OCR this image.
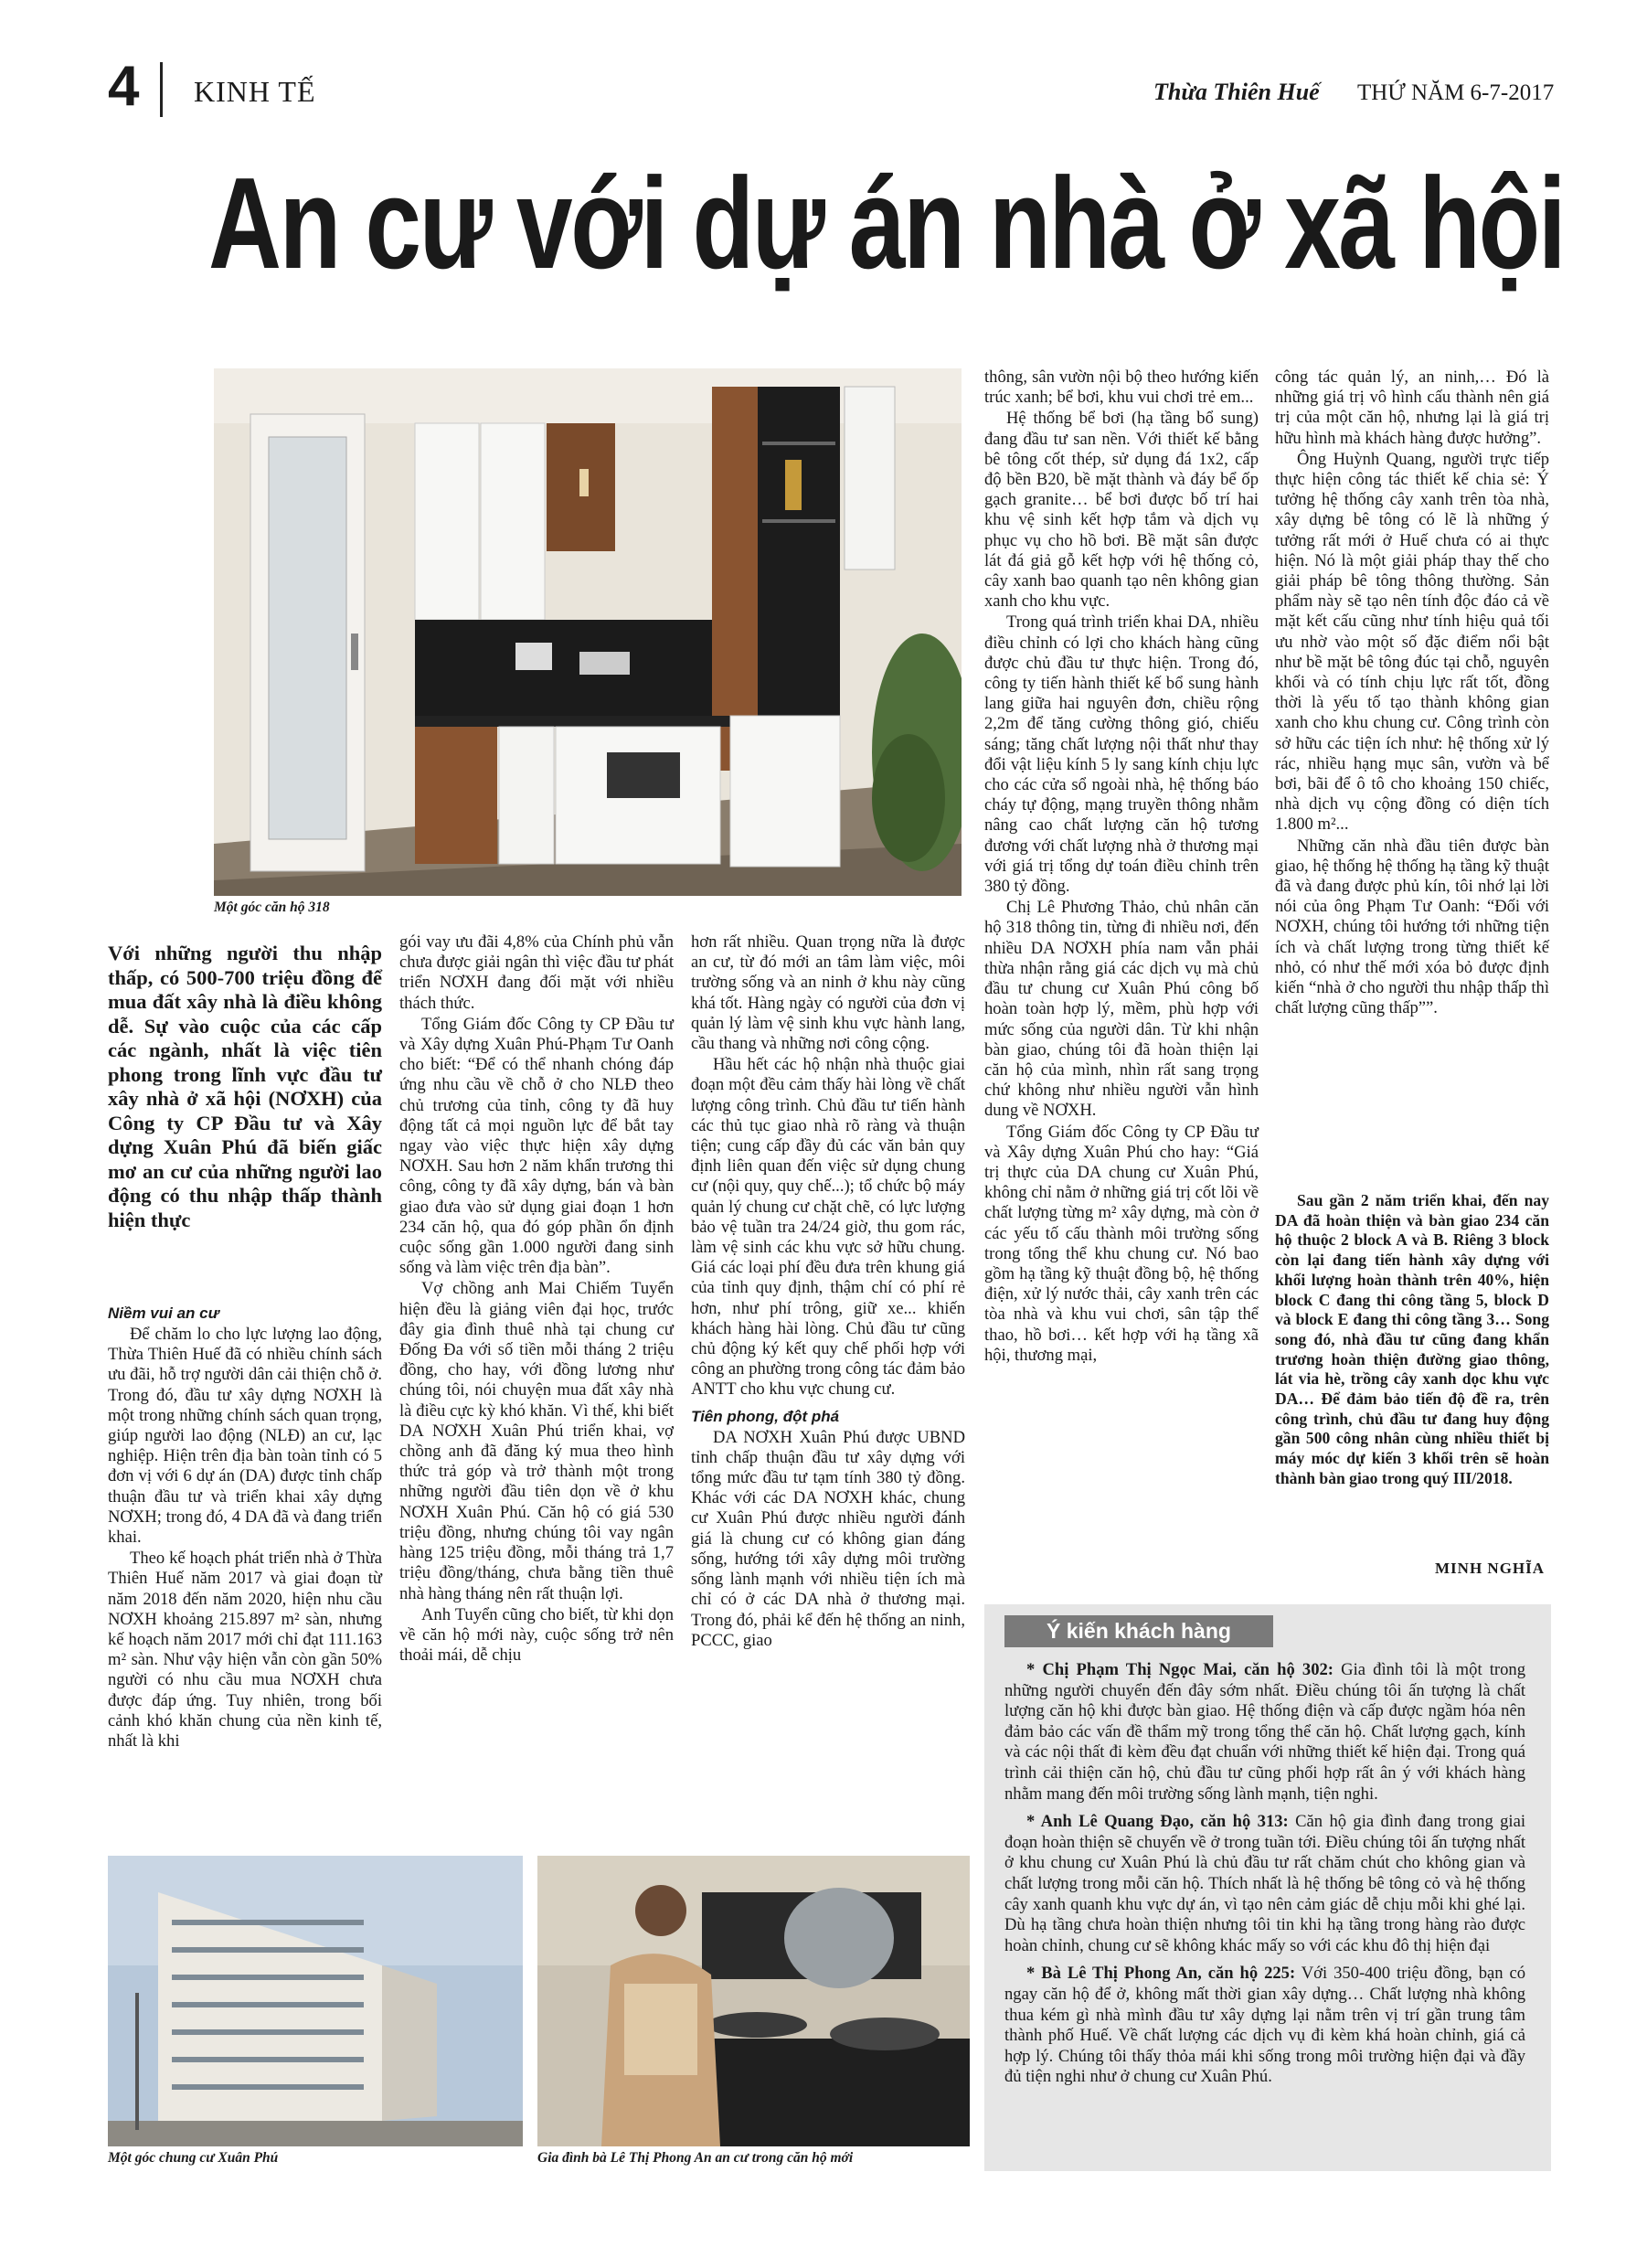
4 KINH TẾ	Thừa Thiên Huế THỨ NĂM 6-7-2017
An cư với dự án nhà ở xã hội
Một góc căn hộ 318
Với những người thu nhập thấp, có 500-700 triệu đồng để mua đất xây nhà là điều không dễ. Sự vào cuộc của các cấp các ngành, nhất là việc tiên phong trong lĩnh vực đầu tư xây nhà ở xã hội (NƠXH) của Công ty CP Đầu tư và Xây dựng Xuân Phú đã biến giấc mơ an cư của những người lao động có thu nhập thấp thành hiện thực
Niềm vui an cư

Để chăm lo cho lực lượng lao động, Thừa Thiên Huế đã có nhiều chính sách ưu đãi, hỗ trợ người dân cải thiện chỗ ở. Trong đó, đầu tư xây dựng NƠXH là một trong những chính sách quan trọng, giúp người lao động (NLĐ) an cư, lạc nghiệp. Hiện trên địa bàn toàn tỉnh có 5 đơn vị với 6 dự án (DA) được tỉnh chấp thuận đầu tư và triển khai xây dựng NƠXH; trong đó, 4 DA đã và đang triển khai.

Theo kế hoạch phát triển nhà ở Thừa Thiên Huế năm 2017 và giai đoạn từ năm 2018 đến năm 2020, hiện nhu cầu NƠXH khoảng 215.897 m² sàn, nhưng kế hoạch năm 2017 mới chỉ đạt 111.163 m² sàn. Như vậy hiện vẫn còn gần 50% người có nhu cầu mua NƠXH chưa được đáp ứng. Tuy nhiên, trong bối cảnh khó khăn chung của nền kinh tế, nhất là khi

gói vay ưu đãi 4,8% của Chính phủ vẫn chưa được giải ngân thì việc đầu tư phát triển NƠXH đang đối mặt với nhiều thách thức.

Tổng Giám đốc Công ty CP Đầu tư và Xây dựng Xuân Phú-Phạm Tư Oanh cho biết: “Để có thể nhanh chóng đáp ứng nhu cầu về chỗ ở cho NLĐ theo chủ trương của tỉnh, công ty đã huy động tất cả mọi nguồn lực để bắt tay ngay vào việc thực hiện xây dựng NƠXH. Sau hơn 2 năm khẩn trương thi công, công ty đã xây dựng, bán và bàn giao đưa vào sử dụng giai đoạn 1 hơn 234 căn hộ, qua đó góp phần ổn định cuộc sống gần 1.000 người đang sinh sống và làm việc trên địa bàn”.

Vợ chồng anh Mai Chiếm Tuyển hiện đều là giảng viên đại học, trước đây gia đình thuê nhà tại chung cư Đống Đa với số tiền mỗi tháng 2 triệu đồng, cho hay, với đồng lương như chúng tôi, nói chuyện mua đất xây nhà là điều cực kỳ khó khăn. Vì thế, khi biết DA NƠXH Xuân Phú triển khai, vợ chồng anh đã đăng ký mua theo hình thức trả góp và trở thành một trong những người đầu tiên dọn về ở khu NƠXH Xuân Phú. Căn hộ có giá 530 triệu đồng, nhưng chúng tôi vay ngân hàng 125 triệu đồng, mỗi tháng trả 1,7 triệu đồng/tháng, chưa bằng tiền thuê nhà hàng tháng nên rất thuận lợi.

Anh Tuyển cũng cho biết, từ khi dọn về căn hộ mới này, cuộc sống trở nên thoải mái, dễ chịu

hơn rất nhiều. Quan trọng nữa là được an cư, từ đó mới an tâm làm việc, môi trường sống và an ninh ở khu này cũng khá tốt. Hàng ngày có người của đơn vị quản lý làm vệ sinh khu vực hành lang, cầu thang và những nơi công cộng.

Hầu hết các hộ nhận nhà thuộc giai đoạn một đều cảm thấy hài lòng về chất lượng công trình. Chủ đầu tư tiến hành các thủ tục giao nhà rõ ràng và thuận tiện; cung cấp đầy đủ các văn bản quy định liên quan đến việc sử dụng chung cư (nội quy, quy chế...); tổ chức bộ máy quản lý chung cư chặt chẽ, có lực lượng bảo vệ tuần tra 24/24 giờ, thu gom rác, làm vệ sinh các khu vực sở hữu chung. Giá các loại phí đều đưa trên khung giá của tỉnh quy định, thậm chí có phí rẻ hơn, như phí trông, giữ xe... khiến khách hàng hài lòng. Chủ đầu tư cũng chủ động ký kết quy chế phối hợp với công an phường trong công tác đảm bảo ANTT cho khu vực chung cư.

Tiên phong, đột phá

DA NƠXH Xuân Phú được UBND tỉnh chấp thuận đầu tư xây dựng với tổng mức đầu tư tạm tính 380 tỷ đồng. Khác với các DA NƠXH khác, chung cư Xuân Phú được nhiều người đánh giá là chung cư có không gian đáng sống, hướng tới xây dựng môi trường sống lành mạnh với nhiều tiện ích mà chỉ có ở các DA nhà ở thương mại. Trong đó, phải kể đến hệ thống an ninh, PCCC, giao

thông, sân vườn nội bộ theo hướng kiến trúc xanh; bể bơi, khu vui chơi trẻ em...

Hệ thống bể bơi (hạ tầng bổ sung) đang đầu tư san nền. Với thiết kế bằng bê tông cốt thép, sử dụng đá 1x2, cấp độ bền B20, bề mặt thành và đáy bể ốp gạch granite… bể bơi được bố trí hai khu vệ sinh kết hợp tắm và dịch vụ phục vụ cho hồ bơi. Bề mặt sân được lát đá giả gỗ kết hợp với hệ thống cỏ, cây xanh bao quanh tạo nên không gian xanh cho khu vực.

Trong quá trình triển khai DA, nhiều điều chỉnh có lợi cho khách hàng cũng được chủ đầu tư thực hiện. Trong đó, công ty tiến hành thiết kế bổ sung hành lang giữa hai nguyên đơn, chiều rộng 2,2m để tăng cường thông gió, chiếu sáng; tăng chất lượng nội thất như thay đổi vật liệu kính 5 ly sang kính chịu lực cho các cửa sổ ngoài nhà, hệ thống báo cháy tự động, mạng truyền thông nhằm nâng cao chất lượng căn hộ tương đương với chất lượng nhà ở thương mại với giá trị tổng dự toán điều chỉnh trên 380 tỷ đồng.

Chị Lê Phương Thảo, chủ nhân căn hộ 318 thông tin, từng đi nhiều nơi, đến nhiều DA NƠXH phía nam vẫn phải thừa nhận rằng giá các dịch vụ mà chủ đầu tư chung cư Xuân Phú công bố hoàn toàn hợp lý, mềm, phù hợp với mức sống của người dân. Từ khi nhận bàn giao, chúng tôi đã hoàn thiện lại căn hộ của mình, nhìn rất sang trọng chứ không như nhiều người vẫn hình dung về NƠXH.

Tổng Giám đốc Công ty CP Đầu tư và Xây dựng Xuân Phú cho hay: “Giá trị thực của DA chung cư Xuân Phú, không chỉ nằm ở những giá trị cốt lõi về chất lượng từng m² xây dựng, mà còn ở các yếu tố cấu thành môi trường sống trong tổng thể khu chung cư. Nó bao gồm hạ tầng kỹ thuật đồng bộ, hệ thống điện, xử lý nước thải, cây xanh trên các tòa nhà và khu vui chơi, sân tập thể thao, hồ bơi… kết hợp với hạ tầng xã hội, thương mại,

công tác quản lý, an ninh,… Đó là những giá trị vô hình cấu thành nên giá trị của một căn hộ, nhưng lại là giá trị hữu hình mà khách hàng được hưởng”.

Ông Huỳnh Quang, người trực tiếp thực hiện công tác thiết kế chia sẻ: Ý tưởng hệ thống cây xanh trên tòa nhà, xây dựng bê tông có lẽ là những ý tưởng rất mới ở Huế chưa có ai thực hiện. Nó là một giải pháp thay thế cho giải pháp bê tông thông thường. Sản phẩm này sẽ tạo nên tính độc đáo cả về mặt kết cấu cũng như tính hiệu quả tối ưu nhờ vào một số đặc điểm nổi bật như bề mặt bê tông đúc tại chỗ, nguyên khối và có tính chịu lực rất tốt, đồng thời là yếu tố tạo thành không gian xanh cho khu chung cư. Công trình còn sở hữu các tiện ích như: hệ thống xử lý rác, nhiều hạng mục sân, vườn và bể bơi, bãi để ô tô cho khoảng 150 chiếc, nhà dịch vụ cộng đồng có diện tích 1.800 m²...

Những căn nhà đầu tiên được bàn giao, hệ thống hệ thống hạ tầng kỹ thuật đã và đang được phủ kín, tôi nhớ lại lời nói của ông Phạm Tư Oanh: “Đối với NƠXH, chúng tôi hướng tới những tiện ích và chất lượng trong từng thiết kế nhỏ, có như thế mới xóa bỏ được định kiến “nhà ở cho người thu nhập thấp thì chất lượng cũng thấp””.

Sau gần 2 năm triển khai, đến nay DA đã hoàn thiện và bàn giao 234 căn hộ thuộc 2 block A và B. Riêng 3 block còn lại đang tiến hành xây dựng với khối lượng hoàn thành trên 40%, hiện block C đang thi công tầng 5, block D và block E đang thi công tầng 3… Song song đó, nhà đầu tư cũng đang khẩn trương hoàn thiện đường giao thông, lát via hè, trồng cây xanh dọc khu vực DA… Để đảm bảo tiến độ đề ra, trên công trình, chủ đầu tư đang huy động gần 500 công nhân cùng nhiều thiết bị máy móc dự kiến 3 khối trên sẽ hoàn thành bàn giao trong quý III/2018.
MINH NGHĨA
Một góc chung cư Xuân Phú	Gia đình bà Lê Thị Phong An an cư trong căn hộ mới
Ý kiến khách hàng

* Chị Phạm Thị Ngọc Mai, căn hộ 302: Gia đình tôi là một trong những người chuyển đến đây sớm nhất. Điều chúng tôi ấn tượng là chất lượng căn hộ khi được bàn giao. Hệ thống điện và cấp được ngầm hóa nên đảm bảo các vấn đề thẩm mỹ trong tổng thể căn hộ. Chất lượng gạch, kính và các nội thất đi kèm đều đạt chuẩn với những thiết kế hiện đại. Trong quá trình cải thiện căn hộ, chủ đầu tư cũng phối hợp rất ân ý với khách hàng nhằm mang đến môi trường sống lành mạnh, tiện nghi.

* Anh Lê Quang Đạo, căn hộ 313: Căn hộ gia đình đang trong giai đoạn hoàn thiện sẽ chuyển về ở trong tuần tới. Điều chúng tôi ấn tượng nhất ở khu chung cư Xuân Phú là chủ đầu tư rất chăm chút cho không gian và chất lượng trong mỗi căn hộ. Thích nhất là hệ thống bê tông cỏ và hệ thống cây xanh quanh khu vực dự án, vì tạo nên cảm giác dễ chịu mỗi khi ghé lại. Dù hạ tầng chưa hoàn thiện nhưng tôi tin khi hạ tầng trong hàng rào được hoàn chỉnh, chung cư sẽ không khác mấy so với các khu đô thị hiện đại

* Bà Lê Thị Phong An, căn hộ 225: Với 350-400 triệu đồng, bạn có ngay căn hộ để ở, không mất thời gian xây dựng… Chất lượng nhà không thua kém gì nhà mình đầu tư xây dựng lại nằm trên vị trí gần trung tâm thành phố Huế. Về chất lượng các dịch vụ đi kèm khá hoàn chỉnh, giá cả hợp lý. Chúng tôi thấy thỏa mái khi sống trong môi trường hiện đại và đầy đủ tiện nghi như ở chung cư Xuân Phú.
